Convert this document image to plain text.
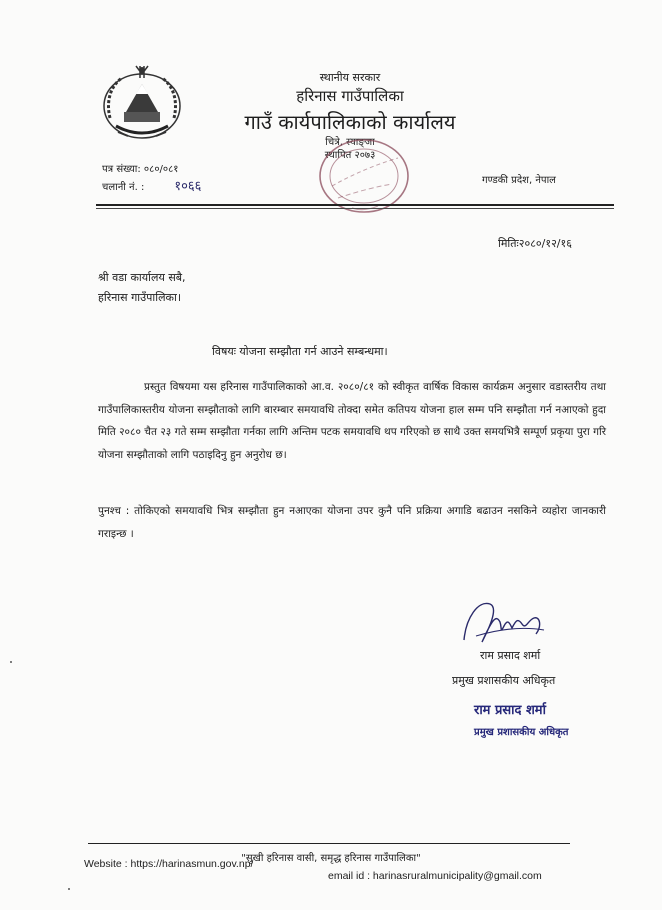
स्थानीय सरकार
हरिनास गाउँपालिका
गाउँ कार्यपालिकाको कार्यालय
चित्रे, स्याङ्जा
स्थापित २०७३
पत्र संख्या: ०८०/०८१
चलानी नं. : १०६६	गण्डकी प्रदेश, नेपाल
मितिः२०८०/१२/१६
श्री वडा कार्यालय सबै,
हरिनास गाउँपालिका।
विषयः योजना सम्झौता गर्न आउने सम्बन्धमा।
प्रस्तुत विषयमा यस हरिनास गाउँपालिकाको आ.व. २०८०/८१ को स्वीकृत वार्षिक विकास कार्यक्रम अनुसार वडास्तरीय तथा गाउँपालिकास्तरीय योजना सम्झौताको लागि बारम्बार समयावधि तोक्दा समेत कतिपय योजना हाल सम्म पनि सम्झौता गर्न नआएको हुदा मिति २०८० चैत २३ गते सम्म सम्झौता गर्नका लागि अन्तिम पटक समयावधि थप गरिएको छ साथै उक्त समयभित्रै सम्पूर्ण प्रकृया पुरा गरि योजना सम्झौताको लागि पठाइदिनु हुन अनुरोध छ।
पुनश्च : तोकिएको समयावधि भित्र सम्झौता हुन नआएका योजना उपर कुनै पनि प्रक्रिया अगाडि बढाउन नसकिने व्यहोरा जानकारी गराइन्छ ।
राम प्रसाद शर्मा
प्रमुख प्रशासकीय अधिकृत
राम प्रसाद शर्मा
प्रमुख प्रशासकीय अधिकृत
"सुखी हरिनास वासी, समृद्ध हरिनास गाउँपालिका"
Website : https://harinasmun.gov.np/
email id : harinasruralmunicipality@gmail.com
